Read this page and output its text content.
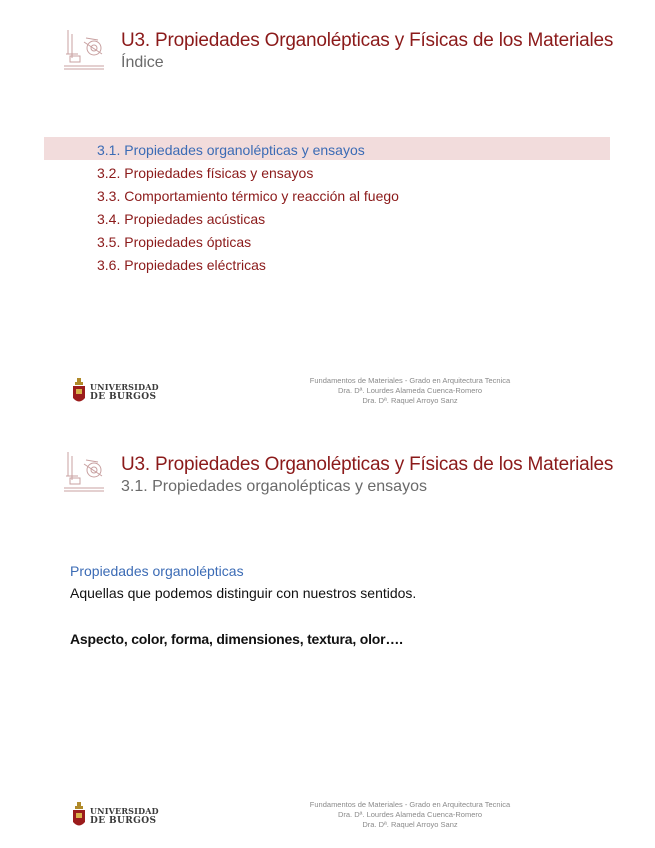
U3. Propiedades Organolépticas y Físicas de los Materiales
Índice
3.1. Propiedades organolépticas y ensayos
3.2. Propiedades físicas y ensayos
3.3. Comportamiento térmico y reacción al fuego
3.4. Propiedades acústicas
3.5. Propiedades ópticas
3.6. Propiedades eléctricas
UNIVERSIDAD
DE BURGOS
Fundamentos de Materiales - Grado en Arquitectura Tecnica
Dra. Dª. Lourdes Alameda Cuenca-Romero
Dra. Dª. Raquel Arroyo Sanz
U3. Propiedades Organolépticas y Físicas de los Materiales
3.1. Propiedades organolépticas y ensayos
Propiedades organolépticas
Aquellas que podemos distinguir con nuestros sentidos.
Aspecto, color, forma, dimensiones, textura, olor….
UNIVERSIDAD
DE BURGOS
Fundamentos de Materiales - Grado en Arquitectura Tecnica
Dra. Dª. Lourdes Alameda Cuenca-Romero
Dra. Dª. Raquel Arroyo Sanz
